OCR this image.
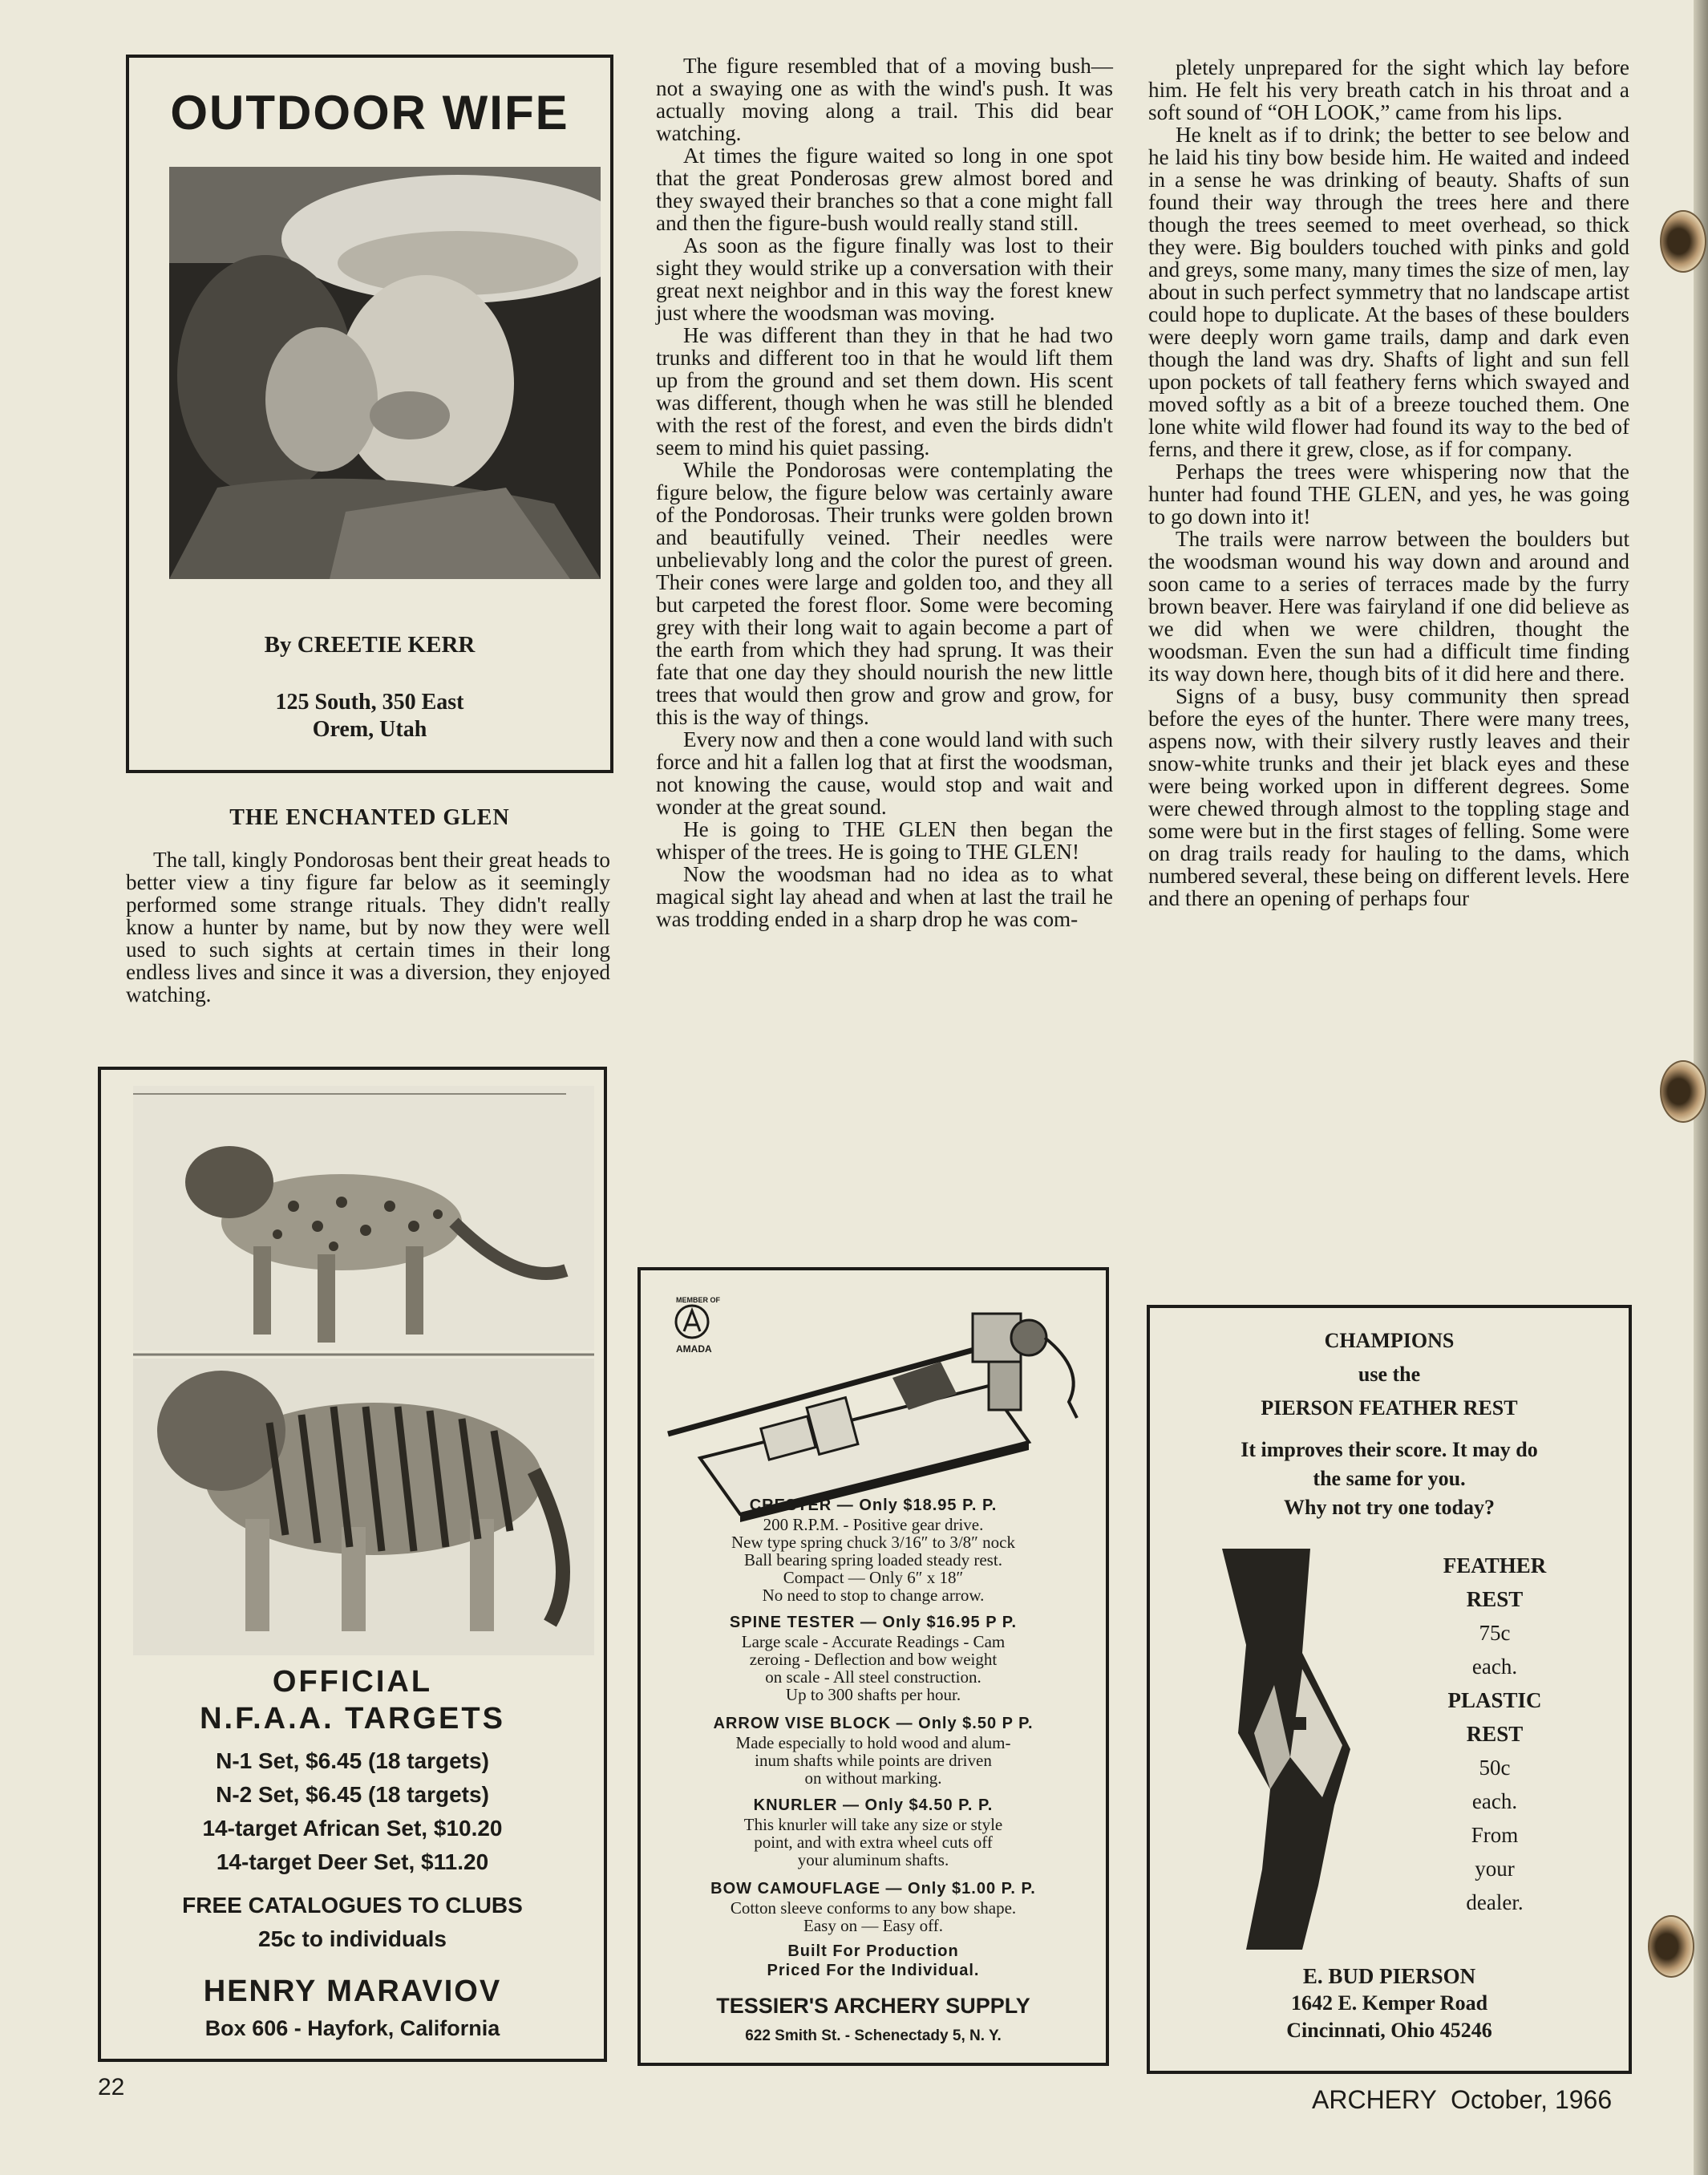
OUTDOOR WIFE
By CREETIE KERR
125 South, 350 East
Orem, Utah
THE ENCHANTED GLEN

The tall, kingly Pondorosas bent their great heads to better view a tiny figure far below as it seemingly performed some strange rituals. They didn't really know a hunter by name, but by now they were well used to such sights at certain times in their long endless lives and since it was a diversion, they enjoyed watching.

The figure resembled that of a moving bush—not a swaying one as with the wind's push. It was actually moving along a trail. This did bear watching.

At times the figure waited so long in one spot that the great Ponderosas grew almost bored and they swayed their branches so that a cone might fall and then the figure-bush would really stand still.

As soon as the figure finally was lost to their sight they would strike up a conversation with their great next neighbor and in this way the forest knew just where the woodsman was moving.

He was different than they in that he had two trunks and different too in that he would lift them up from the ground and set them down. His scent was different, though when he was still he blended with the rest of the forest, and even the birds didn't seem to mind his quiet passing.

While the Pondorosas were contemplating the figure below, the figure below was certainly aware of the Pondorosas. Their trunks were golden brown and beautifully veined. Their needles were unbelievably long and the color the purest of green. Their cones were large and golden too, and they all but carpeted the forest floor. Some were becoming grey with their long wait to again become a part of the earth from which they had sprung. It was their fate that one day they should nourish the new little trees that would then grow and grow and grow, for this is the way of things.

Every now and then a cone would land with such force and hit a fallen log that at first the woodsman, not knowing the cause, would stop and wait and wonder at the great sound.

He is going to THE GLEN then began the whisper of the trees. He is going to THE GLEN!

Now the woodsman had no idea as to what magical sight lay ahead and when at last the trail he was trodding ended in a sharp drop he was com-

pletely unprepared for the sight which lay before him. He felt his very breath catch in his throat and a soft sound of “OH LOOK,” came from his lips.

He knelt as if to drink; the better to see below and he laid his tiny bow beside him. He waited and indeed in a sense he was drinking of beauty. Shafts of sun found their way through the trees here and there though the trees seemed to meet overhead, so thick they were. Big boulders touched with pinks and gold and greys, some many, many times the size of men, lay about in such perfect symmetry that no landscape artist could hope to duplicate. At the bases of these boulders were deeply worn game trails, damp and dark even though the land was dry. Shafts of light and sun fell upon pockets of tall feathery ferns which swayed and moved softly as a bit of a breeze touched them. One lone white wild flower had found its way to the bed of ferns, and there it grew, close, as if for company.

Perhaps the trees were whispering now that the hunter had found THE GLEN, and yes, he was going to go down into it!

The trails were narrow between the boulders but the woodsman wound his way down and around and soon came to a series of terraces made by the furry brown beaver. Here was fairyland if one did believe as we did when we were children, thought the woodsman. Even the sun had a difficult time finding its way down here, though bits of it did here and there.

Signs of a busy, busy community then spread before the eyes of the hunter. There were many trees, aspens now, with their silvery rustly leaves and their snow-white trunks and their jet black eyes and these were being worked upon in different degrees. Some were chewed through almost to the toppling stage and some were but in the first stages of felling. Some were on drag trails ready for hauling to the dams, which numbered several, these being on different levels. Here and there an opening of perhaps four

OFFICIAL
N.F.A.A. TARGETS
N-1 Set, $6.45 (18 targets)
N-2 Set, $6.45 (18 targets)
14-target African Set, $10.20
14-target Deer Set, $11.20
FREE CATALOGUES TO CLUBS
25c to individuals
HENRY MARAVIOV
Box 606 - Hayfork, California
MEMBER OF
AMADA
CRESTER — Only $18.95 P. P.
200 R.P.M. - Positive gear drive.
New type spring chuck 3/16″ to 3/8″ nock
Ball bearing spring loaded steady rest.
Compact — Only 6″ x 18″
No need to stop to change arrow.
SPINE TESTER — Only $16.95 P P.
Large scale - Accurate Readings - Cam
zeroing - Deflection and bow weight
on scale - All steel construction.
Up to 300 shafts per hour.
ARROW VISE BLOCK — Only $.50 P P.
Made especially to hold wood and alum-
inum shafts while points are driven
on without marking.
KNURLER — Only $4.50 P. P.
This knurler will take any size or style
point, and with extra wheel cuts off
your aluminum shafts.
BOW CAMOUFLAGE — Only $1.00 P. P.
Cotton sleeve conforms to any bow shape.
Easy on — Easy off.
Built For Production
Priced For the Individual.
TESSIER'S ARCHERY SUPPLY
622 Smith St. - Schenectady 5, N. Y.
CHAMPIONS
use the
PIERSON FEATHER REST
It improves their score. It may do
the same for you.
Why not try one today?
FEATHER
REST
75c
each.
PLASTIC
REST
50c
each.
From
your
dealer.
E. BUD PIERSON
1642 E. Kemper Road
Cincinnati, Ohio 45246
22	ARCHERY  October, 1966
